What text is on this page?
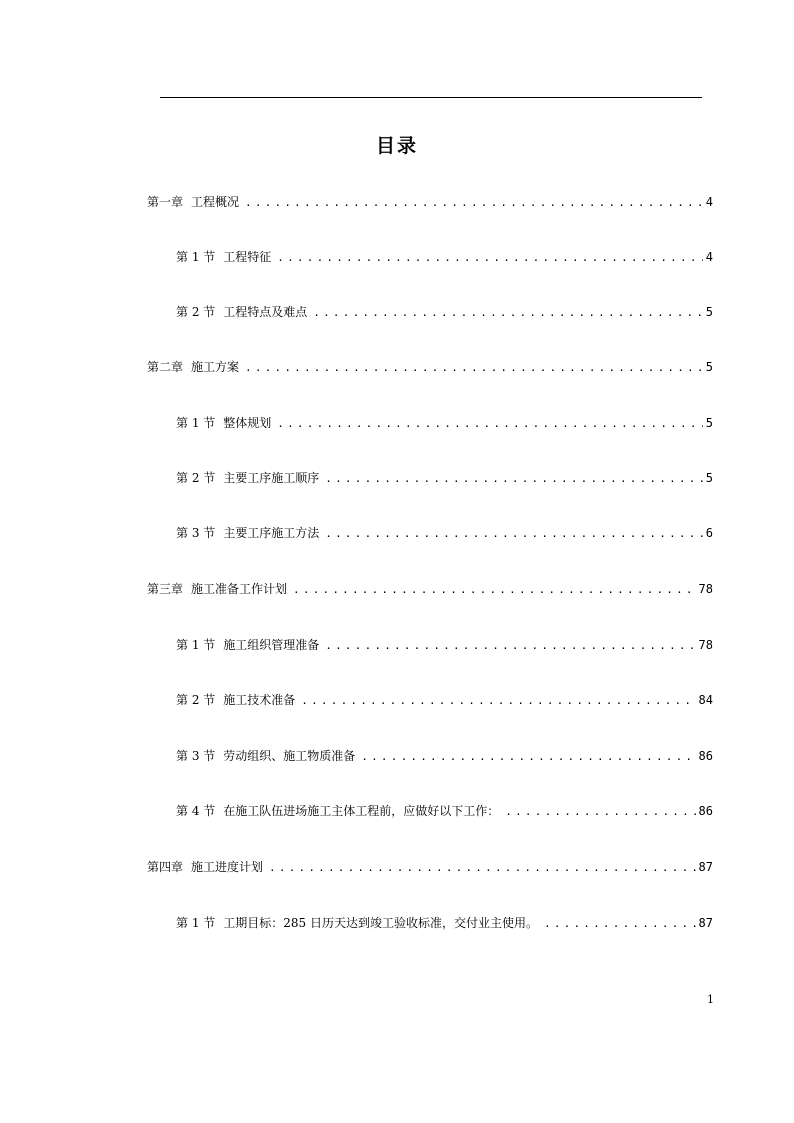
目录
第一章 工程概况 .....	4
第 1 节 工程特征 .....	4
第 2 节 工程特点及难点 .....	5
第二章 施工方案 .....	5
第 1 节 整体规划 .....	5
第 2 节 主要工序施工顺序 .....	5
第 3 节 主要工序施工方法 .....	6
第三章 施工准备工作计划 .....	78
第 1 节 施工组织管理准备 .....	78
第 2 节 施工技术准备 .....	84
第 3 节 劳动组织、施工物质准备 .....	86
第 4 节 在施工队伍进场施工主体工程前，应做好以下工作： .....	86
第四章 施工进度计划 .....	87
第 1 节 工期目标：285 日历天达到竣工验收标准，交付业主使用。 .....	87
1
